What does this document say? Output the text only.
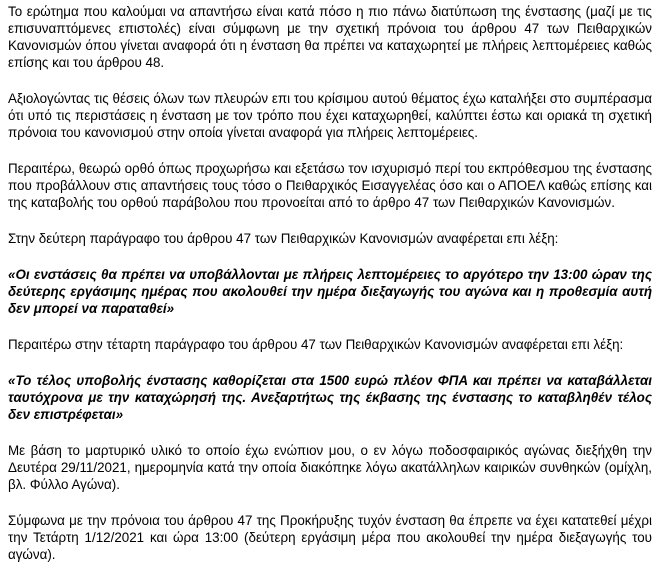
Το ερώτημα που καλούμαι να απαντήσω είναι κατά πόσο η πιο πάνω διατύπωση της ένστασης (μαζί με τις επισυναπτόμενες επιστολές) είναι σύμφωνη με την σχετική πρόνοια του άρθρου 47 των Πειθαρχικών Κανονισμών όπου γίνεται αναφορά ότι η ένσταση θα πρέπει να καταχωρητεί με πλήρεις λεπτομέρειες καθώς επίσης και του άρθρου 48.

Αξιολογώντας τις θέσεις όλων των πλευρών επι του κρίσιμου αυτού θέματος έχω καταλήξει στο συμπέρασμα ότι υπό τις περιστάσεις η ένσταση με τον τρόπο που έχει καταχωρηθεί, καλύπτει έστω και οριακά τη σχετική πρόνοια του κανονισμού στην οποία γίνεται αναφορά για πλήρεις λεπτομέρειες.

Περαιτέρω, θεωρώ ορθό όπως προχωρήσω και εξετάσω τον ισχυρισμό περί του εκπρόθεσμου της ένστασης που προβάλλουν στις απαντήσεις τους τόσο ο Πειθαρχικός Εισαγγελέας όσο και ο ΑΠΟΕΛ καθώς επίσης και της καταβολής του ορθού παράβολου που προνοείται από το άρθρο 47 των Πειθαρχικών Κανονισμών.

Στην δεύτερη παράγραφο του άρθρου 47 των Πειθαρχικών Κανονισμών αναφέρεται επι λέξη:

«Οι ενστάσεις θα πρέπει να υποβάλλονται με πλήρεις λεπτομέρειες το αργότερο την 13:00 ώραν της δεύτερης εργάσιμης ημέρας που ακολουθεί την ημέρα διεξαγωγής του αγώνα και η προθεσμία αυτή δεν μπορεί να παραταθεί»

Περαιτέρω στην τέταρτη παράγραφο του άρθρου 47 των Πειθαρχικών Κανονισμών αναφέρεται επι λέξη:

«Το τέλος υποβολής ένστασης καθορίζεται στα 1500 ευρώ πλέον ΦΠΑ και πρέπει να καταβάλλεται ταυτόχρονα με την καταχώρησή της. Ανεξαρτήτως της έκβασης της ένστασης το καταβληθέν τέλος δεν επιστρέφεται»

Με βάση το μαρτυρικό υλικό το οποίο έχω ενώπιον μου, ο εν λόγω ποδοσφαιρικός αγώνας διεξήχθη την Δευτέρα 29/11/2021, ημερομηνία κατά την οποία διακόπηκε λόγω ακατάλληλων καιρικών συνθηκών (ομίχλη, βλ. Φύλλο Αγώνα).

Σύμφωνα με την πρόνοια του άρθρου 47 της Προκήρυξης τυχόν ένσταση θα έπρεπε να έχει κατατεθεί μέχρι την Τετάρτη 1/12/2021 και ώρα 13:00 (δεύτερη εργάσιμη μέρα που ακολουθεί την ημέρα διεξαγωγής του αγώνα).
